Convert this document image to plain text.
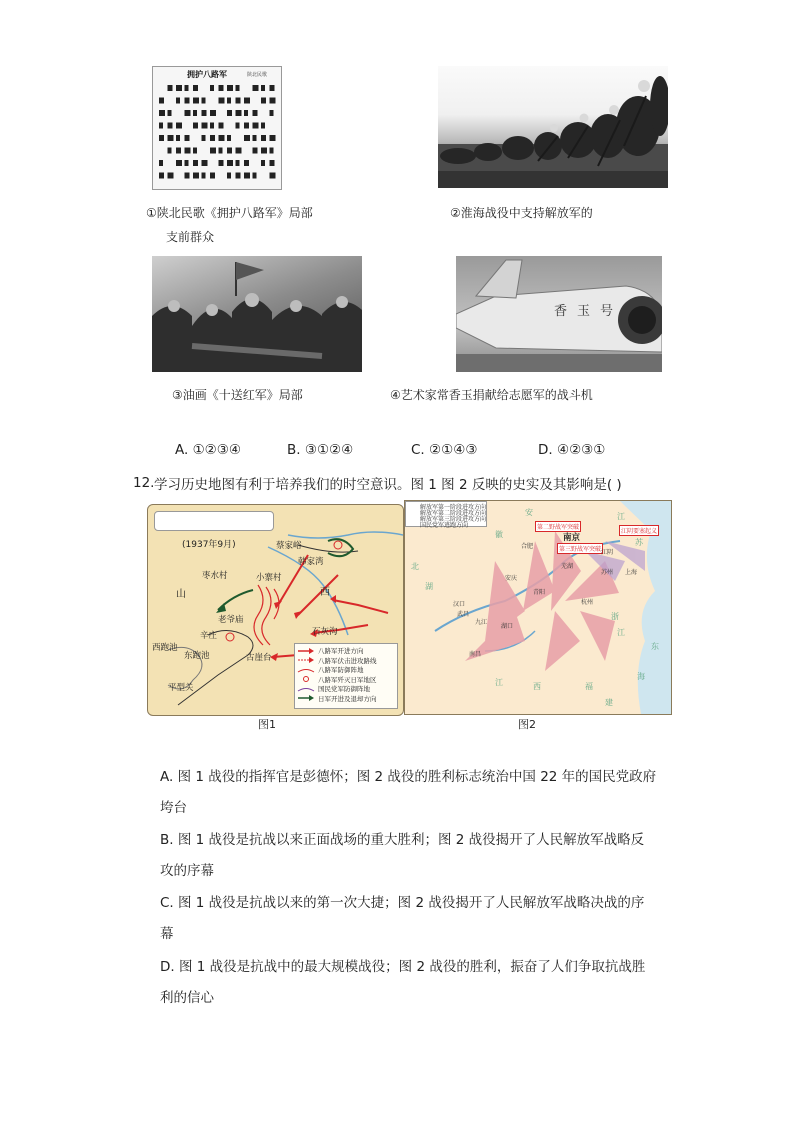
拥护八路军	陕北民歌
①陕北民歌《拥护八路军》局部	②淮海战役中支持解放军的
支前群众
香玉号
③油画《十送红军》局部	④艺术家常香玉捐献给志愿军的战斗机
A. ①②③④	B. ③①②④	C. ②①④③	D. ④②③①
12. 学习历史地图有利于培养我们的时空意识。图 1 图 2 反映的史实及其影响是( )
(1937年9月)
枣水村
蔡家峪
韩家湾
小寨村
老爷庙
辛庄
西跑池
东跑池	古崖台
石灰沟
平型关
山	西
八路军开进方向
八路军伏击进攻路线
八路军防御阵地
八路军歼灭日军地区
国民党军防御阵地
日军开进及退却方向
解放军第一阶段进攻方向
解放军第二阶段进攻方向
解放军第三阶段进攻方向
国民党军逃跑方向	第二野战军突破
第三野战军突破
江阴要塞起义
南京
合肥
芜湖
江阴
苏州 上海
杭州
南昌
汉口
武昌
九江
湖口
安庆
青阳
安
徽
江
苏
浙
江
湖
北
江	西	福
建
海
东
图1	图2
A. 图 1 战役的指挥官是彭德怀；图 2 战役的胜利标志统治中国 22 年的国民党政府
垮台
B. 图 1 战役是抗战以来正面战场的重大胜利；图 2 战役揭开了人民解放军战略反
攻的序幕
C. 图 1 战役是抗战以来的第一次大捷；图 2 战役揭开了人民解放军战略决战的序
幕
D. 图 1 战役是抗战中的最大规模战役；图 2 战役的胜利，振奋了人们争取抗战胜
利的信心
